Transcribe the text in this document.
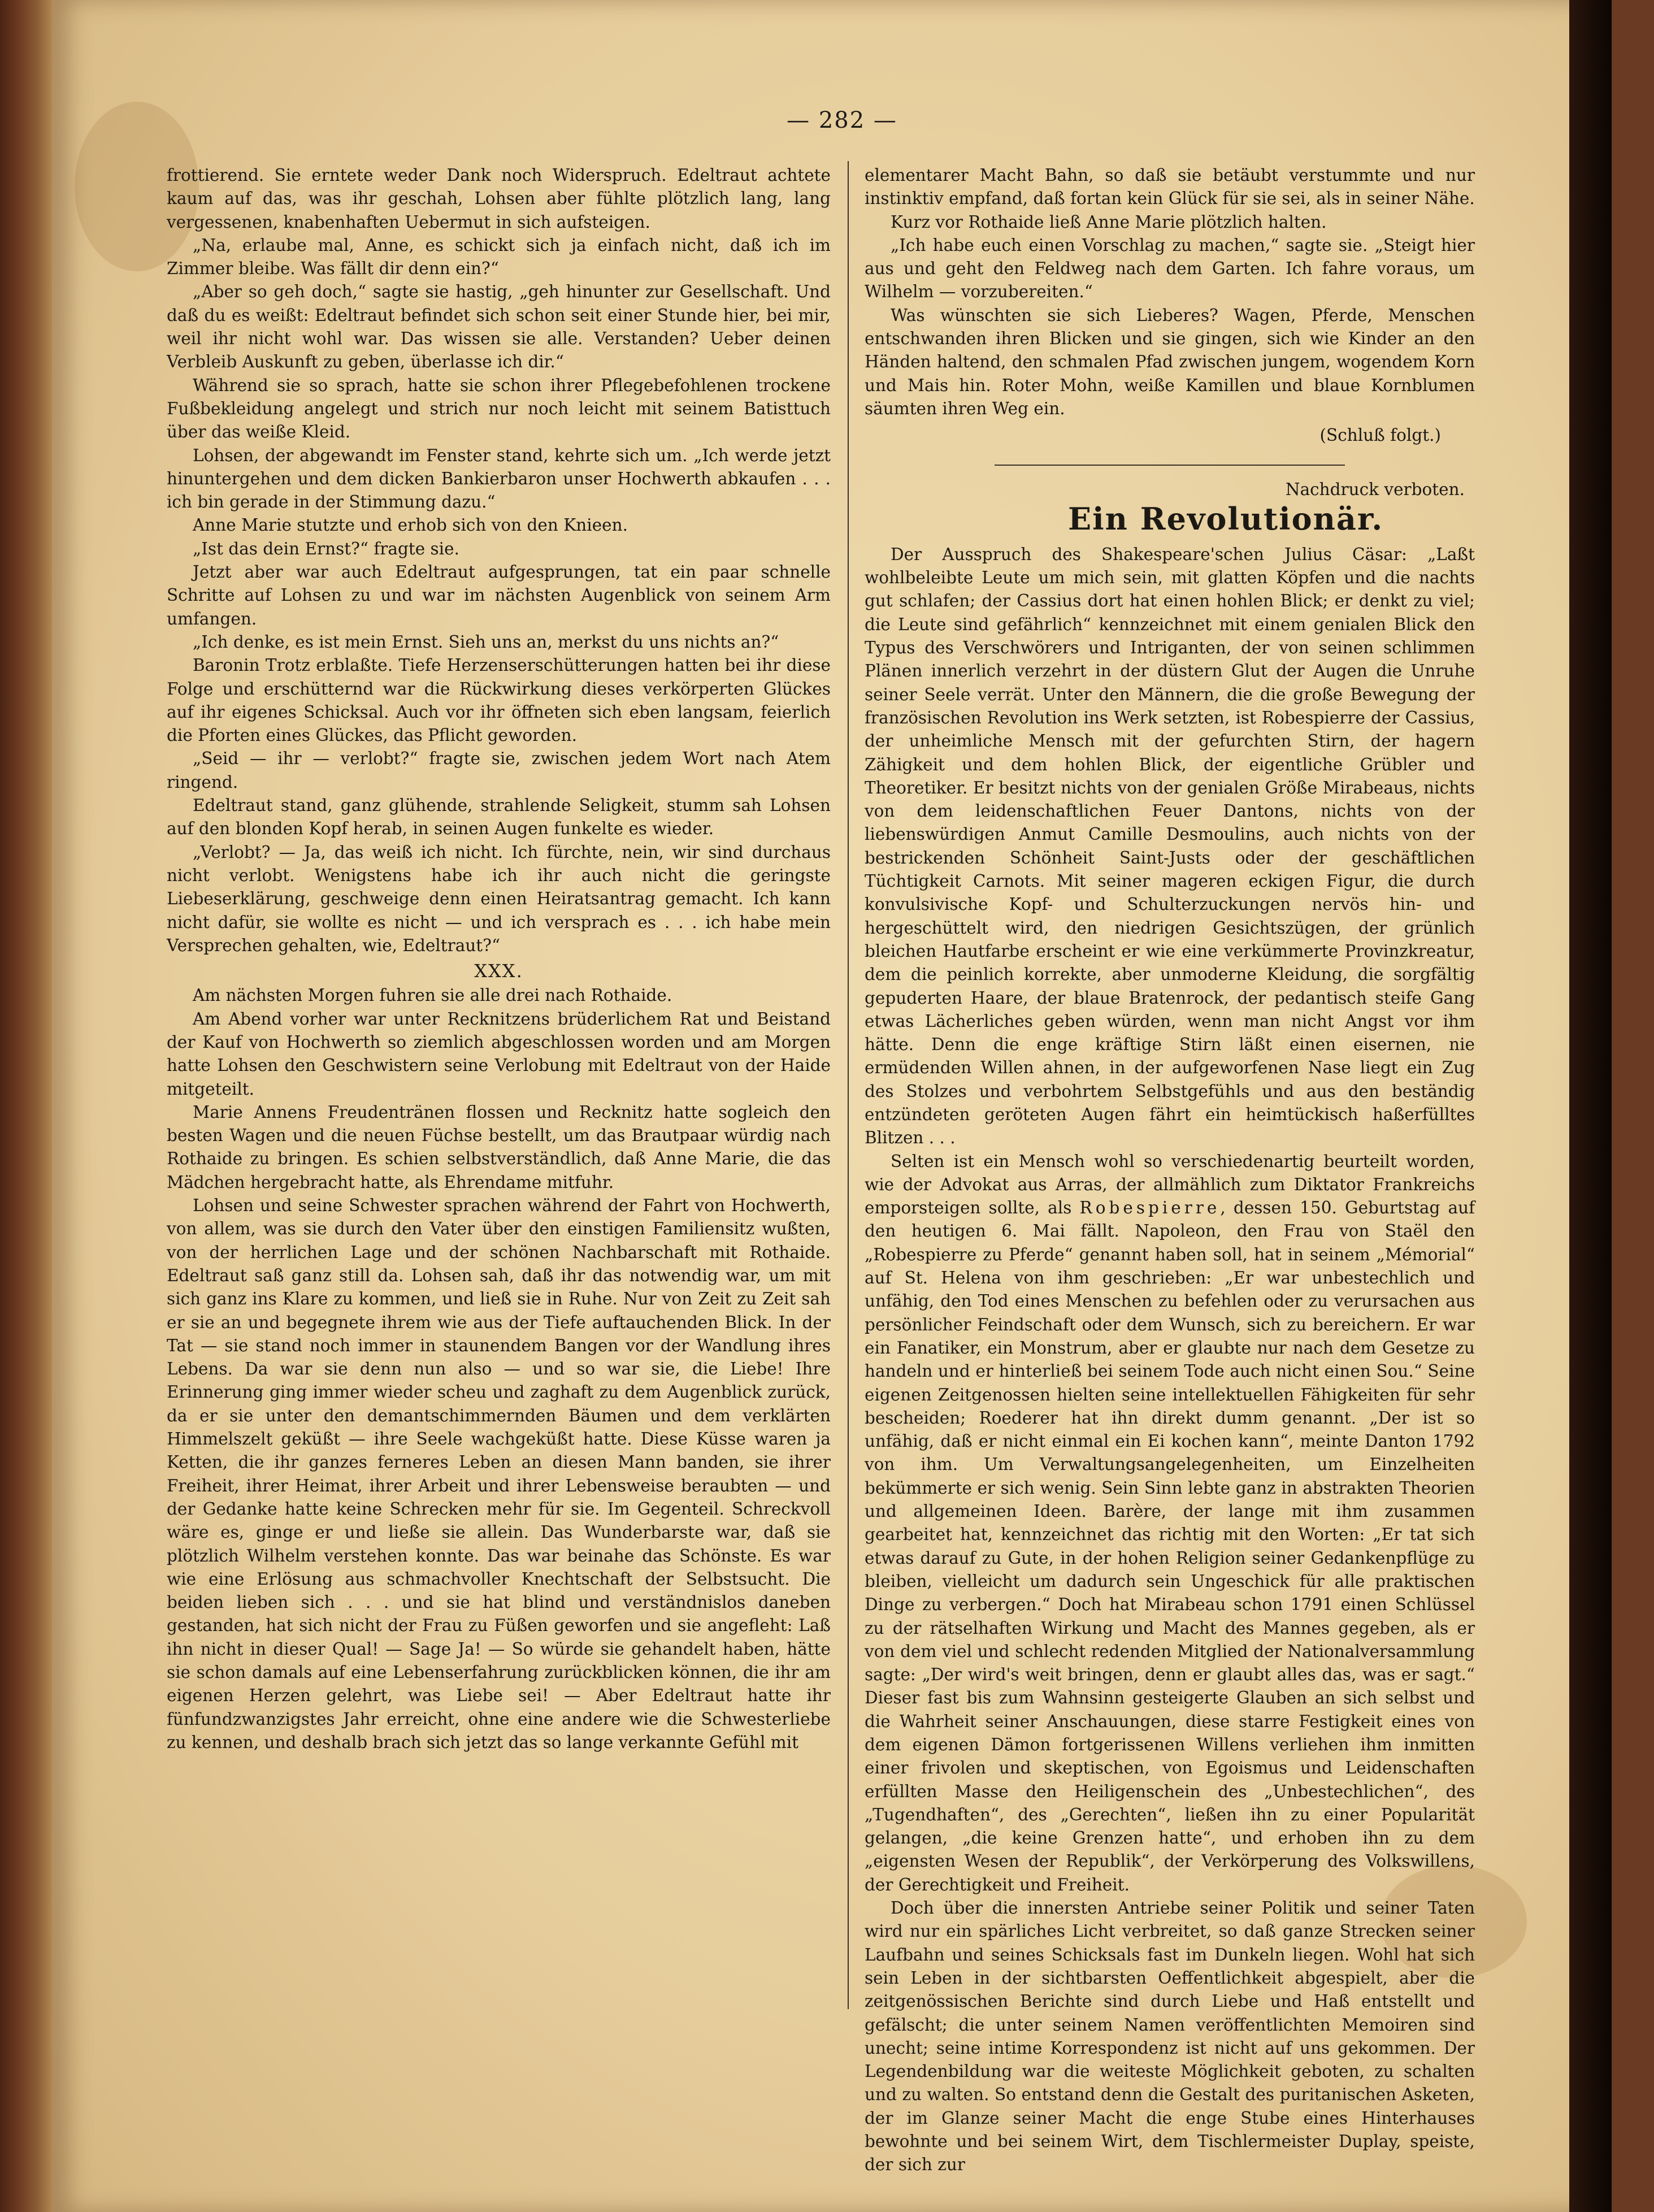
— 282 —

frottierend. Sie erntete weder Dank noch Widerspruch. Edeltraut achtete kaum auf das, was ihr geschah, Lohsen aber fühlte plötzlich lang, lang vergessenen, knabenhaften Uebermut in sich aufsteigen.

„Na, erlaube mal, Anne, es schickt sich ja einfach nicht, daß ich im Zimmer bleibe. Was fällt dir denn ein?“

„Aber so geh doch,“ sagte sie hastig, „geh hinunter zur Gesellschaft. Und daß du es weißt: Edeltraut befindet sich schon seit einer Stunde hier, bei mir, weil ihr nicht wohl war. Das wissen sie alle. Verstanden? Ueber deinen Verbleib Auskunft zu geben, überlasse ich dir.“

Während sie so sprach, hatte sie schon ihrer Pflegebefohlenen trockene Fußbekleidung angelegt und strich nur noch leicht mit seinem Batisttuch über das weiße Kleid.

Lohsen, der abgewandt im Fenster stand, kehrte sich um. „Ich werde jetzt hinuntergehen und dem dicken Bankierbaron unser Hochwerth abkaufen . . . ich bin gerade in der Stimmung dazu.“

Anne Marie stutzte und erhob sich von den Knieen.

„Ist das dein Ernst?“ fragte sie.

Jetzt aber war auch Edeltraut aufgesprungen, tat ein paar schnelle Schritte auf Lohsen zu und war im nächsten Augenblick von seinem Arm umfangen.

„Ich denke, es ist mein Ernst. Sieh uns an, merkst du uns nichts an?“

Baronin Trotz erblaßte. Tiefe Herzenserschütterungen hatten bei ihr diese Folge und erschütternd war die Rückwirkung dieses verkörperten Glückes auf ihr eigenes Schicksal. Auch vor ihr öffneten sich eben langsam, feierlich die Pforten eines Glückes, das Pflicht geworden.

„Seid — ihr — verlobt?“ fragte sie, zwischen jedem Wort nach Atem ringend.

Edeltraut stand, ganz glühende, strahlende Seligkeit, stumm sah Lohsen auf den blonden Kopf herab, in seinen Augen funkelte es wieder.

„Verlobt? — Ja, das weiß ich nicht. Ich fürchte, nein, wir sind durchaus nicht verlobt. Wenigstens habe ich ihr auch nicht die geringste Liebeserklärung, geschweige denn einen Heiratsantrag gemacht. Ich kann nicht dafür, sie wollte es nicht — und ich versprach es . . . ich habe mein Versprechen gehalten, wie, Edeltraut?“

XXX.

Am nächsten Morgen fuhren sie alle drei nach Rothaide.

Am Abend vorher war unter Recknitzens brüderlichem Rat und Beistand der Kauf von Hochwerth so ziemlich abgeschlossen worden und am Morgen hatte Lohsen den Geschwistern seine Verlobung mit Edeltraut von der Haide mitgeteilt.

Marie Annens Freudentränen flossen und Recknitz hatte sogleich den besten Wagen und die neuen Füchse bestellt, um das Brautpaar würdig nach Rothaide zu bringen. Es schien selbstverständlich, daß Anne Marie, die das Mädchen hergebracht hatte, als Ehrendame mitfuhr.

Lohsen und seine Schwester sprachen während der Fahrt von Hochwerth, von allem, was sie durch den Vater über den einstigen Familiensitz wußten, von der herrlichen Lage und der schönen Nachbarschaft mit Rothaide. Edeltraut saß ganz still da. Lohsen sah, daß ihr das notwendig war, um mit sich ganz ins Klare zu kommen, und ließ sie in Ruhe. Nur von Zeit zu Zeit sah er sie an und begegnete ihrem wie aus der Tiefe auftauchenden Blick. In der Tat — sie stand noch immer in staunendem Bangen vor der Wandlung ihres Lebens. Da war sie denn nun also — und so war sie, die Liebe! Ihre Erinnerung ging immer wieder scheu und zaghaft zu dem Augenblick zurück, da er sie unter den demantschimmernden Bäumen und dem verklärten Himmelszelt geküßt — ihre Seele wachgeküßt hatte. Diese Küsse waren ja Ketten, die ihr ganzes ferneres Leben an diesen Mann banden, sie ihrer Freiheit, ihrer Heimat, ihrer Arbeit und ihrer Lebensweise beraubten — und der Gedanke hatte keine Schrecken mehr für sie. Im Gegenteil. Schreckvoll wäre es, ginge er und ließe sie allein. Das Wunderbarste war, daß sie plötzlich Wilhelm verstehen konnte. Das war beinahe das Schönste. Es war wie eine Erlösung aus schmachvoller Knechtschaft der Selbstsucht. Die beiden lieben sich . . . und sie hat blind und verständnislos daneben gestanden, hat sich nicht der Frau zu Füßen geworfen und sie angefleht: Laß ihn nicht in dieser Qual! — Sage Ja! — So würde sie gehandelt haben, hätte sie schon damals auf eine Lebenserfahrung zurückblicken können, die ihr am eigenen Herzen gelehrt, was Liebe sei! — Aber Edeltraut hatte ihr fünfundzwanzigstes Jahr erreicht, ohne eine andere wie die Schwesterliebe zu kennen, und deshalb brach sich jetzt das so lange verkannte Gefühl mit

elementarer Macht Bahn, so daß sie betäubt verstummte und nur instinktiv empfand, daß fortan kein Glück für sie sei, als in seiner Nähe.

Kurz vor Rothaide ließ Anne Marie plötzlich halten.

„Ich habe euch einen Vorschlag zu machen,“ sagte sie. „Steigt hier aus und geht den Feldweg nach dem Garten. Ich fahre voraus, um Wilhelm — vorzubereiten.“

Was wünschten sie sich Lieberes? Wagen, Pferde, Menschen entschwanden ihren Blicken und sie gingen, sich wie Kinder an den Händen haltend, den schmalen Pfad zwischen jungem, wogendem Korn und Mais hin. Roter Mohn, weiße Kamillen und blaue Kornblumen säumten ihren Weg ein.

(Schluß folgt.)
Nachdruck verboten.
Ein Revolutionär.

Der Ausspruch des Shakespeare'schen Julius Cäsar: „Laßt wohlbeleibte Leute um mich sein, mit glatten Köpfen und die nachts gut schlafen; der Cassius dort hat einen hohlen Blick; er denkt zu viel; die Leute sind gefährlich“ kennzeichnet mit einem genialen Blick den Typus des Verschwörers und Intriganten, der von seinen schlimmen Plänen innerlich verzehrt in der düstern Glut der Augen die Unruhe seiner Seele verrät. Unter den Männern, die die große Bewegung der französischen Revolution ins Werk setzten, ist Robespierre der Cassius, der unheimliche Mensch mit der gefurchten Stirn, der hagern Zähigkeit und dem hohlen Blick, der eigentliche Grübler und Theoretiker. Er besitzt nichts von der genialen Größe Mirabeaus, nichts von dem leidenschaftlichen Feuer Dantons, nichts von der liebenswürdigen Anmut Camille Desmoulins, auch nichts von der bestrickenden Schönheit Saint-Justs oder der geschäftlichen Tüchtigkeit Carnots. Mit seiner mageren eckigen Figur, die durch konvulsivische Kopf- und Schulterzuckungen nervös hin- und hergeschüttelt wird, den niedrigen Gesichtszügen, der grünlich bleichen Hautfarbe erscheint er wie eine verkümmerte Provinzkreatur, dem die peinlich korrekte, aber unmoderne Kleidung, die sorgfältig gepuderten Haare, der blaue Bratenrock, der pedantisch steife Gang etwas Lächerliches geben würden, wenn man nicht Angst vor ihm hätte. Denn die enge kräftige Stirn läßt einen eisernen, nie ermüdenden Willen ahnen, in der aufgeworfenen Nase liegt ein Zug des Stolzes und verbohrtem Selbstgefühls und aus den beständig entzündeten geröteten Augen fährt ein heimtückisch haßerfülltes Blitzen . . .

Selten ist ein Mensch wohl so verschiedenartig beurteilt worden, wie der Advokat aus Arras, der allmählich zum Diktator Frankreichs emporsteigen sollte, als Robespierre, dessen 150. Geburtstag auf den heutigen 6. Mai fällt. Napoleon, den Frau von Staël den „Robespierre zu Pferde“ genannt haben soll, hat in seinem „Mémorial“ auf St. Helena von ihm geschrieben: „Er war unbestechlich und unfähig, den Tod eines Menschen zu befehlen oder zu verursachen aus persönlicher Feindschaft oder dem Wunsch, sich zu bereichern. Er war ein Fanatiker, ein Monstrum, aber er glaubte nur nach dem Gesetze zu handeln und er hinterließ bei seinem Tode auch nicht einen Sou.“ Seine eigenen Zeitgenossen hielten seine intellektuellen Fähigkeiten für sehr bescheiden; Roederer hat ihn direkt dumm genannt. „Der ist so unfähig, daß er nicht einmal ein Ei kochen kann“, meinte Danton 1792 von ihm. Um Verwaltungsangelegenheiten, um Einzelheiten bekümmerte er sich wenig. Sein Sinn lebte ganz in abstrakten Theorien und allgemeinen Ideen. Barère, der lange mit ihm zusammen gearbeitet hat, kennzeichnet das richtig mit den Worten: „Er tat sich etwas darauf zu Gute, in der hohen Religion seiner Gedankenpflüge zu bleiben, vielleicht um dadurch sein Ungeschick für alle praktischen Dinge zu verbergen.“ Doch hat Mirabeau schon 1791 einen Schlüssel zu der rätselhaften Wirkung und Macht des Mannes gegeben, als er von dem viel und schlecht redenden Mitglied der Nationalversammlung sagte: „Der wird's weit bringen, denn er glaubt alles das, was er sagt.“ Dieser fast bis zum Wahnsinn gesteigerte Glauben an sich selbst und die Wahrheit seiner Anschauungen, diese starre Festigkeit eines von dem eigenen Dämon fortgerissenen Willens verliehen ihm inmitten einer frivolen und skeptischen, von Egoismus und Leidenschaften erfüllten Masse den Heiligenschein des „Unbestechlichen“, des „Tugendhaften“, des „Gerechten“, ließen ihn zu einer Popularität gelangen, „die keine Grenzen hatte“, und erhoben ihn zu dem „eigensten Wesen der Republik“, der Verkörperung des Volkswillens, der Gerechtigkeit und Freiheit.

Doch über die innersten Antriebe seiner Politik und seiner Taten wird nur ein spärliches Licht verbreitet, so daß ganze Strecken seiner Laufbahn und seines Schicksals fast im Dunkeln liegen. Wohl hat sich sein Leben in der sichtbarsten Oeffentlichkeit abgespielt, aber die zeitgenössischen Berichte sind durch Liebe und Haß entstellt und gefälscht; die unter seinem Namen veröffentlichten Memoiren sind unecht; seine intime Korrespondenz ist nicht auf uns gekommen. Der Legendenbildung war die weiteste Möglichkeit geboten, zu schalten und zu walten. So entstand denn die Gestalt des puritanischen Asketen, der im Glanze seiner Macht die enge Stube eines Hinterhauses bewohnte und bei seinem Wirt, dem Tischlermeister Duplay, speiste, der sich zur
